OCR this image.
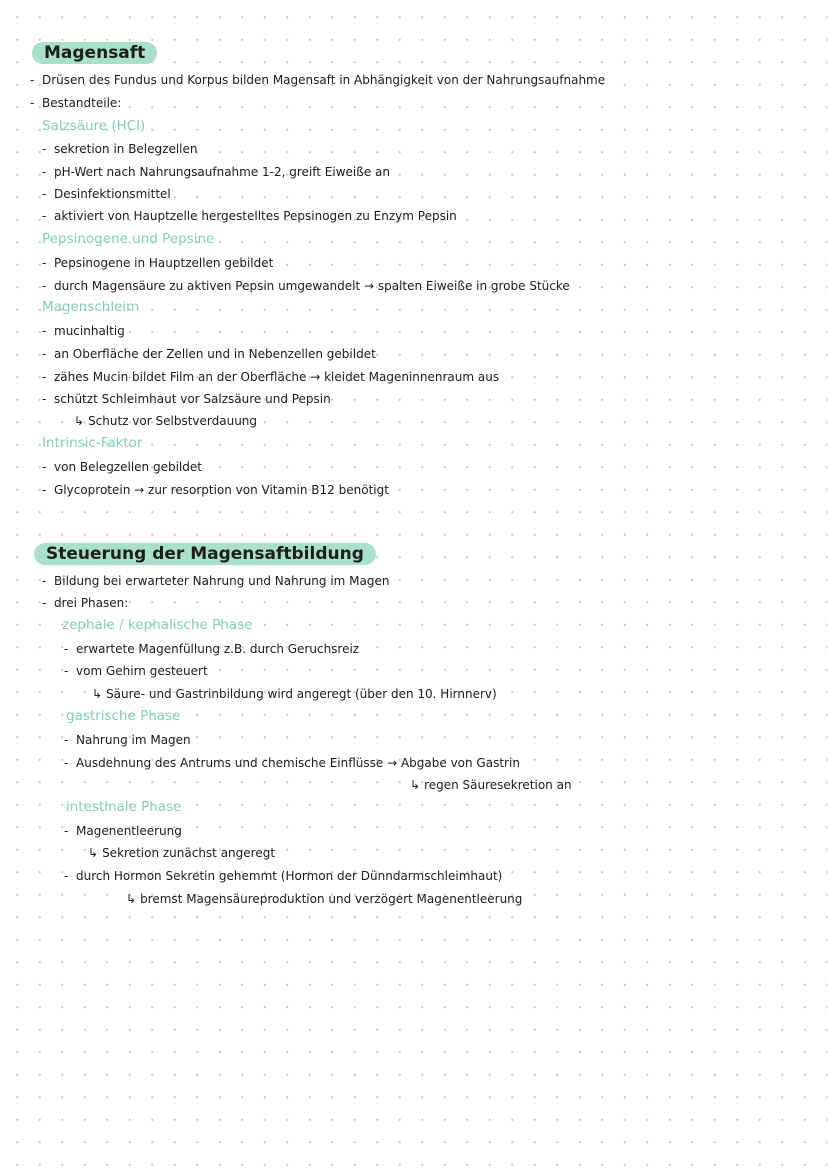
Magensaft
- Drüsen des Fundus und Korpus bilden Magensaft in Abhängigkeit von der Nahrungsaufnahme
- Bestandteile:
Salzsäure (HCl)
- sekretion in Belegzellen
- pH-Wert nach Nahrungsaufnahme 1-2, greift Eiweiße an
- Desinfektionsmittel
- aktiviert von Hauptzelle hergestelltes Pepsinogen zu Enzym Pepsin
Pepsinogene und Pepsine
- Pepsinogene in Hauptzellen gebildet
- durch Magensäure zu aktiven Pepsin umgewandelt → spalten Eiweiße in grobe Stücke
Magenschleim
- mucinhaltig
- an Oberfläche der Zellen und in Nebenzellen gebildet
- zähes Mucin bildet Film an der Oberfläche → kleidet Mageninnenraum aus
- schützt Schleimhaut vor Salzsäure und Pepsin
↳ Schutz vor Selbstverdauung
Intrinsic-Faktor
- von Belegzellen gebildet
- Glycoprotein → zur resorption von Vitamin B12 benötigt
Steuerung der Magensaftbildung
- Bildung bei erwarteter Nahrung und Nahrung im Magen
- drei Phasen:
zephale / kephalische Phase
- erwartete Magenfüllung z.B. durch Geruchsreiz
- vom Gehirn gesteuert
↳ Säure- und Gastrinbildung wird angeregt (über den 10. Hirnnerv)
gastrische Phase
- Nahrung im Magen
- Ausdehnung des Antrums und chemische Einflüsse → Abgabe von Gastrin
↳ regen Säuresekretion an
intestinale Phase
- Magenentleerung
↳ Sekretion zunächst angeregt
- durch Hormon Sekretin gehemmt (Hormon der Dünndarmschleimhaut)
↳ bremst Magensäureproduktion und verzögert Magenentleerung
